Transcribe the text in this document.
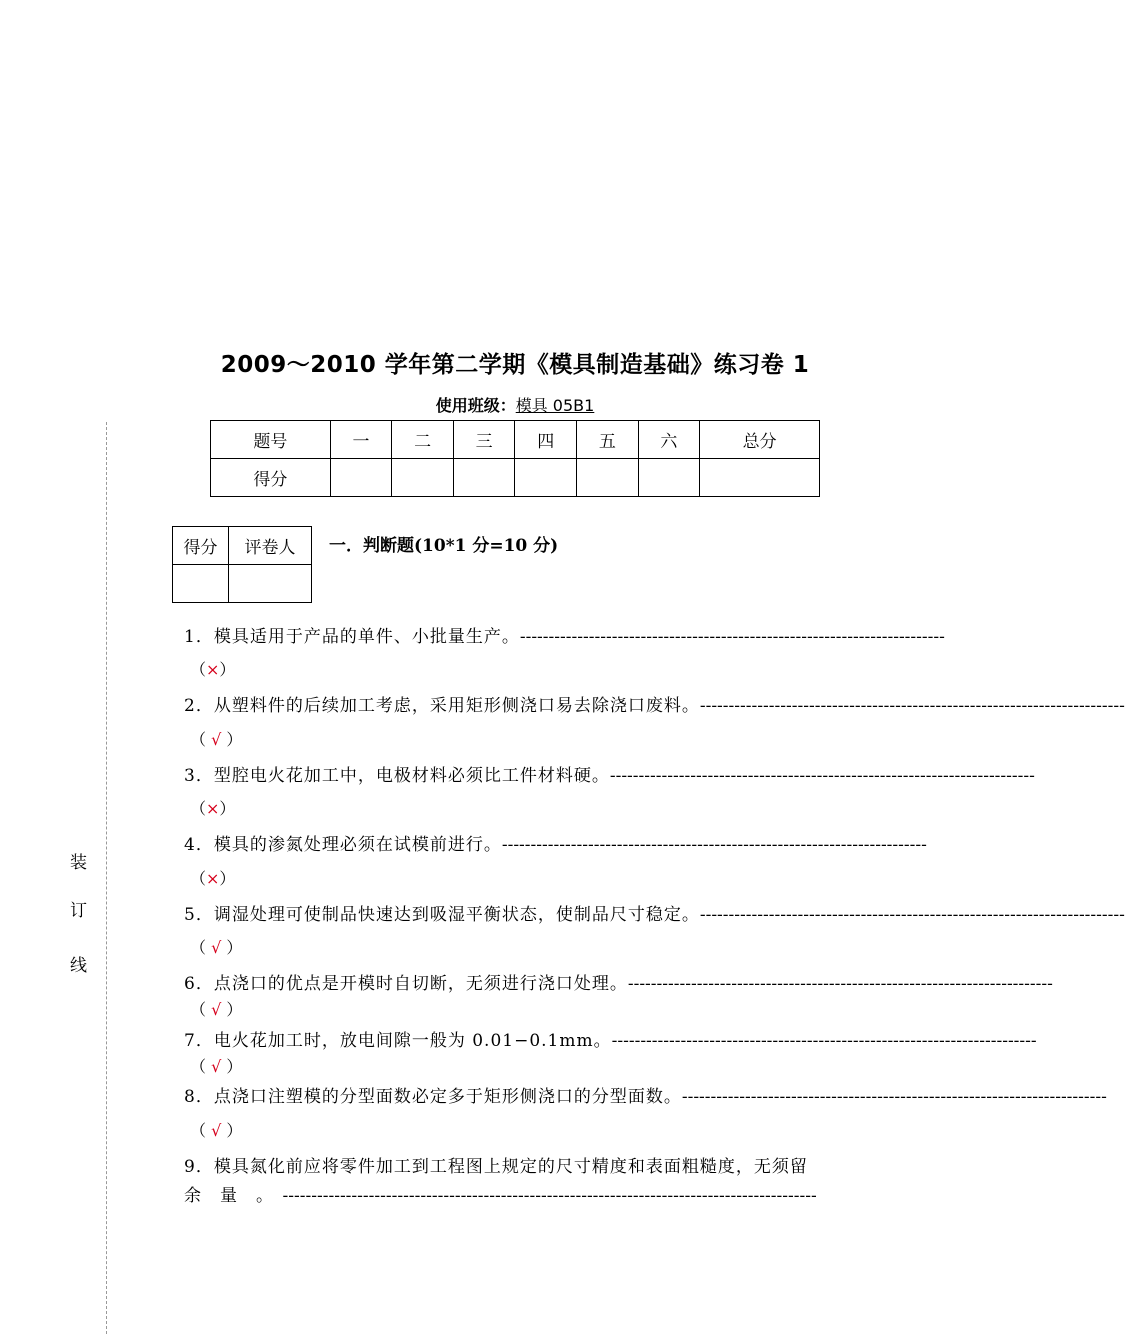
装
订
线
2009～2010 学年第二学期《模具制造基础》练习卷 1
使用班级：模具 05B1
题号	一	二	三	四	五	六	总分
得分							
得分	评卷人
	一．判断题(10*1 分=10 分)
1．模具适用于产品的单件、小批量生产。--------------------------------------------------------------------------
（×）
2．从塑料件的后续加工考虑，采用矩形侧浇口易去除浇口废料。--------------------------------------------------------------------------
（ √ ）
3．型腔电火花加工中，电极材料必须比工件材料硬。--------------------------------------------------------------------------
（×）
4．模具的渗氮处理必须在试模前进行。--------------------------------------------------------------------------
（×）
5．调湿处理可使制品快速达到吸湿平衡状态，使制品尺寸稳定。--------------------------------------------------------------------------
（ √ ）
6．点浇口的优点是开模时自切断，无须进行浇口处理。--------------------------------------------------------------------------
（ √ ）
7．电火花加工时，放电间隙一般为 0.01−0.1mm。--------------------------------------------------------------------------
（ √ ）
8．点浇口注塑模的分型面数必定多于矩形侧浇口的分型面数。--------------------------------------------------------------------------
（ √ ）
9．模具氮化前应将零件加工到工程图上规定的尺寸精度和表面粗糙度，无须留
余　量　。　---------------------------------------------------------------------------------------------
